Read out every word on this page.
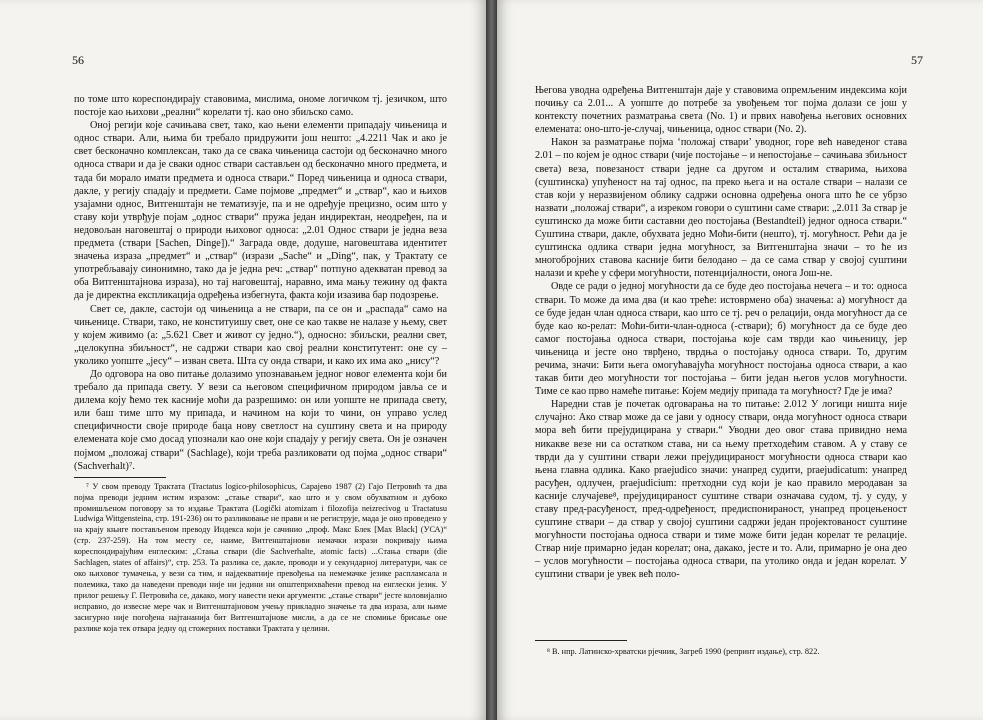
56

по томе што кореспондирају ставовима, мислима, ономе логичком тј. језичком, што постоје као њихови „реални“ корелати тј. као оно збиљско само.

Оној регији које сачињава свет, тако, као њени елементи припадају чињеница и однос ствари. Али, њима би требало придружити још нешто: „4.2211 Чак и ако је свет бесконачно комплексан, тако да се свака чињеница састоји од бесконачно много односа ствари и да је сваки однос ствари састављен од бесконачно много предмета, и тада би морало имати предмета и односа ствари.“ Поред чињеница и односа ствари, дакле, у регију спадају и предмети. Саме појмове „предмет“ и „ствар“, као и њихов узајамни однос, Витгенштајн не тематизује, па и не одређује прецизно, осим што у ставу који утврђује појам „однос ствари“ пружа један индиректан, неодређен, па и недовољан наговештај о природи њиховог односа: „2.01 Однос ствари је једна веза предмета (ствари [Sachen, Dinge]).“ Заграда овде, додуше, наговештава идентитет значења израза „предмет“ и „ствар“ (изрази „Sache“ и „Ding“, пак, у Трактату се употребљавају синонимно, тако да је једна реч: „ствар“ потпуно адекватан превод за оба Витгенштајнова израза), но тај наговештај, наравно, има мању тежину од факта да је директна експликација одређења избегнута, факта који изазива бар подозрење.

Свет се, дакле, састоји од чињеница а не ствари, па се он и „распада“ само на чињенице. Ствари, тако, не конституишу свет, оне се као такве не налазе у њему, свет у којем живимо (а: „5.621 Свет и живот су једно.“), односно: збиљски, реални свет, „целокупна збиљност“, не садржи ствари као свој реални конститутент: оне су – уколико уопште „јесу“ – изван света. Шта су онда ствари, и како их има ако „нису“?

До одговора на ово питање долазимо упознавањем једног новог елемента који би требало да припада свету. У вези са његовом специфичном природом јавља се и дилема коју ћемо тек касније моћи да разрешимо: он или уопште не припада свету, или баш тиме што му припада, и начином на који то чини, он управо услед специфичности своје природе баца нову светлост на суштину света и на природу елемената које смо досад упознали као оне који спадају у регију света. Он је означен појмом „положај ствари“ (Sachlage), који треба разликовати од појма „однос ствари“ (Sachverhalt)⁷.

⁷ У свом преводу Трактата (Tractatus logico-philosophicus, Сарајево 1987 (2) Гајо Петровић та два појма преводи једним истим изразом: „стање ствари“, као што и у свом обухватном и дубоко промишљеном поговору за то издање Трактата (Logički atomizam i filozofija neizrecivog u Tractatusu Ludwiga Wittgensteina, стр. 191-236) он то разликовање не прави и не региструје, мада је оно проведено у на крају књиге постављеном преводу Индекса који је сачинио „проф. Макс Блек [Max Black] (УСА)“ (стр. 237-259). На том месту се, наиме, Витгенштајнови немачки изрази покривају њима кореспондирајућим енглеским: „Стања ствари (die Sachverhalte, atomic facts) ...Стања ствари (die Sachlagen, states of affairs)“, стр. 253. Та разлика се, дакле, проводи и у секундарној литератури, чак се око њиховог тумачења, у вези са тим, и најдекватније превођења на немемачке језике распламсала и полемика, тако да наведени преводи није ни једини ни општеприхваћени превод на енглески језик. У прилог решењу Г. Петровића се, дакако, могу навести неки аргументи: „стање ствари“ јесте коловијално исправно, до извесне мере чак и Витгенштајновом учењу прикладно значење та два израза, али њиме засигурно није погођена најтананија бит Витгенштајнове мисли, а да се не спомиње брисање оне разлике која тек отвара једну од стожерних поставки Трактата у целини.

57

Његова уводна одређења Витгенштајн даје у ставовима опремљеним индексима који почињу са 2.01... А уопште до потребе за увођењем тог појма долази се још у контексту почетних разматрања света (No. 1) и првих навођења његових основних елемената: оно-што-је-случај, чињеница, однос ствари (No. 2).

Након за разматрање појма ‘положај ствари’ уводног, горе већ наведеног става 2.01 – по којем је однос ствари (чије постојање – и непостојање – сачињава збиљност света) веза, повезаност ствари једне са другом и осталим стварима, њихова (суштинска) упућеност на тај однос, па преко њега и на остале ствари – налази се став који у неразвијеном облику садржи основна одређења онога што ће се убрзо назвати „положај ствари“, а изреком говори о суштини саме ствари: „2.011 За ствар је суштинско да може бити саставни део постојања (Bestandteil) једног односа ствари.“ Суштина ствари, дакле, обухвата једно Моћи-бити (нешто), тј. могућност. Рећи да је суштинска одлика ствари једна могућност, за Витгенштајна значи – то ће из многобројних ставова касније бити белодано – да се сама ствар у својој суштини налази и креће у сфери могућности, потенцијалности, онога Још-не.

Овде се ради о једној могућности да се буде део постојања нечега – и то: односа ствари. То може да има два (и као треће: истоврмено оба) значења: а) могућност да се буде један члан односа ствари, као што се тј. реч о релацији, онда могућност да се буде као ко-релат: Моћи-бити-члан-односа (-ствари); б) могућност да се буде део самог постојања односа ствари, постојања које сам тврди као чињеницу, јер чињеница и јесте оно тврђено, тврдња о постојању односа ствари. То, другим речима, значи: Бити њега омогућавајућа могућност постојања односа ствари, а као такав бити део могућности тог постојања – бити један његов услов могућности. Тиме се као прво намеће питање: Којем медију припада та могућност? Где је има?

Наредни став је почетак одговарања на то питање: 2.012 У логици ништа није случајно: Ако ствар може да се јави у односу ствари, онда могућност односа ствари мора већ бити прејудицирана у ствари.“ Уводни део овог става привидно нема никакве везе ни са остатком става, ни са њему претходећим ставом. А у ставу се тврди да у суштини ствари лежи прејудицираност могућности односа ствари као њена главна одлика. Како praejudico значи: унапред судити, praejudicatum: унапред расуђен, одлучен, praejudicium: претходни суд који је као правило меродаван за касније случајеве⁸, прејудицираност суштине ствари означава судом, тј. у суду, у ставу пред-расуђеност, пред-одређеност, предиспонираност, унапред процењеност суштине ствари – да ствар у својој суштини садржи један пројектованост суштине могућности постојања односа ствари и тиме може бити један корелат те релације. Ствар није примарно један корелат; она, дакако, јесте и то. Али, примарно је она део – услов могућности – постојања односа ствари, па утолико онда и један корелат. У суштини ствари је увек већ поло-

⁸ В. нпр. Латинско-хрватски рјечник, Загреб 1990 (репринт издање), стр. 822.
